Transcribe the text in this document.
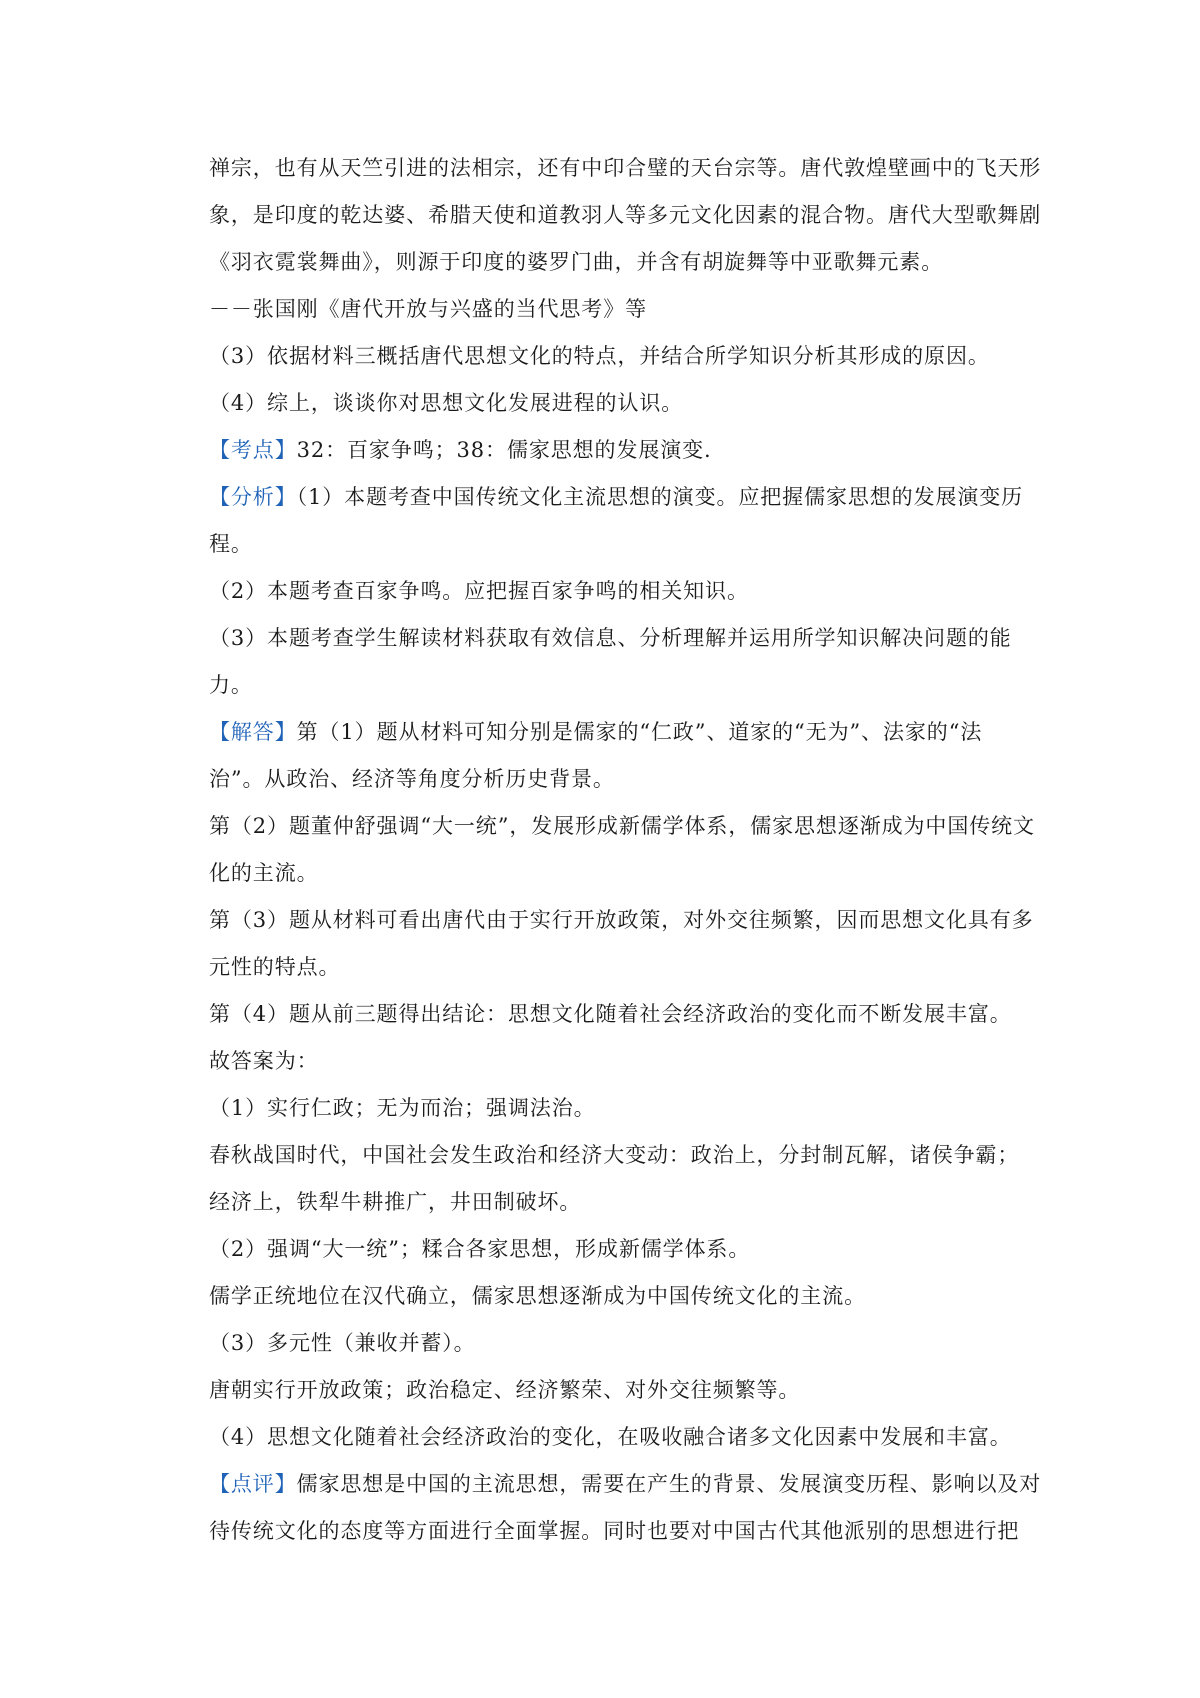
禅宗，也有从天竺引进的法相宗，还有中印合璧的天台宗等。唐代敦煌壁画中的飞天形

象，是印度的乾达婆、希腊天使和道教羽人等多元文化因素的混合物。唐代大型歌舞剧

《羽衣霓裳舞曲》，则源于印度的婆罗门曲，并含有胡旋舞等中亚歌舞元素。

－－张国刚《唐代开放与兴盛的当代思考》等

（3）依据材料三概括唐代思想文化的特点，并结合所学知识分析其形成的原因。

（4）综上，谈谈你对思想文化发展进程的认识。

【考点】32：百家争鸣；38：儒家思想的发展演变.

【分析】（1）本题考查中国传统文化主流思想的演变。应把握儒家思想的发展演变历

程。

（2）本题考查百家争鸣。应把握百家争鸣的相关知识。

（3）本题考查学生解读材料获取有效信息、分析理解并运用所学知识解决问题的能

力。

【解答】第（1）题从材料可知分别是儒家的“仁政”、道家的“无为”、法家的“法

治”。从政治、经济等角度分析历史背景。

第（2）题董仲舒强调“大一统”，发展形成新儒学体系，儒家思想逐渐成为中国传统文

化的主流。

第（3）题从材料可看出唐代由于实行开放政策，对外交往频繁，因而思想文化具有多

元性的特点。

第（4）题从前三题得出结论：思想文化随着社会经济政治的变化而不断发展丰富。

故答案为：

（1）实行仁政；无为而治；强调法治。

春秋战国时代，中国社会发生政治和经济大变动：政治上，分封制瓦解，诸侯争霸；

经济上，铁犁牛耕推广，井田制破坏。

（2）强调“大一统”；糅合各家思想，形成新儒学体系。

儒学正统地位在汉代确立，儒家思想逐渐成为中国传统文化的主流。

（3）多元性（兼收并蓄）。

唐朝实行开放政策；政治稳定、经济繁荣、对外交往频繁等。

（4）思想文化随着社会经济政治的变化，在吸收融合诸多文化因素中发展和丰富。

【点评】儒家思想是中国的主流思想，需要在产生的背景、发展演变历程、影响以及对

待传统文化的态度等方面进行全面掌握。同时也要对中国古代其他派别的思想进行把
